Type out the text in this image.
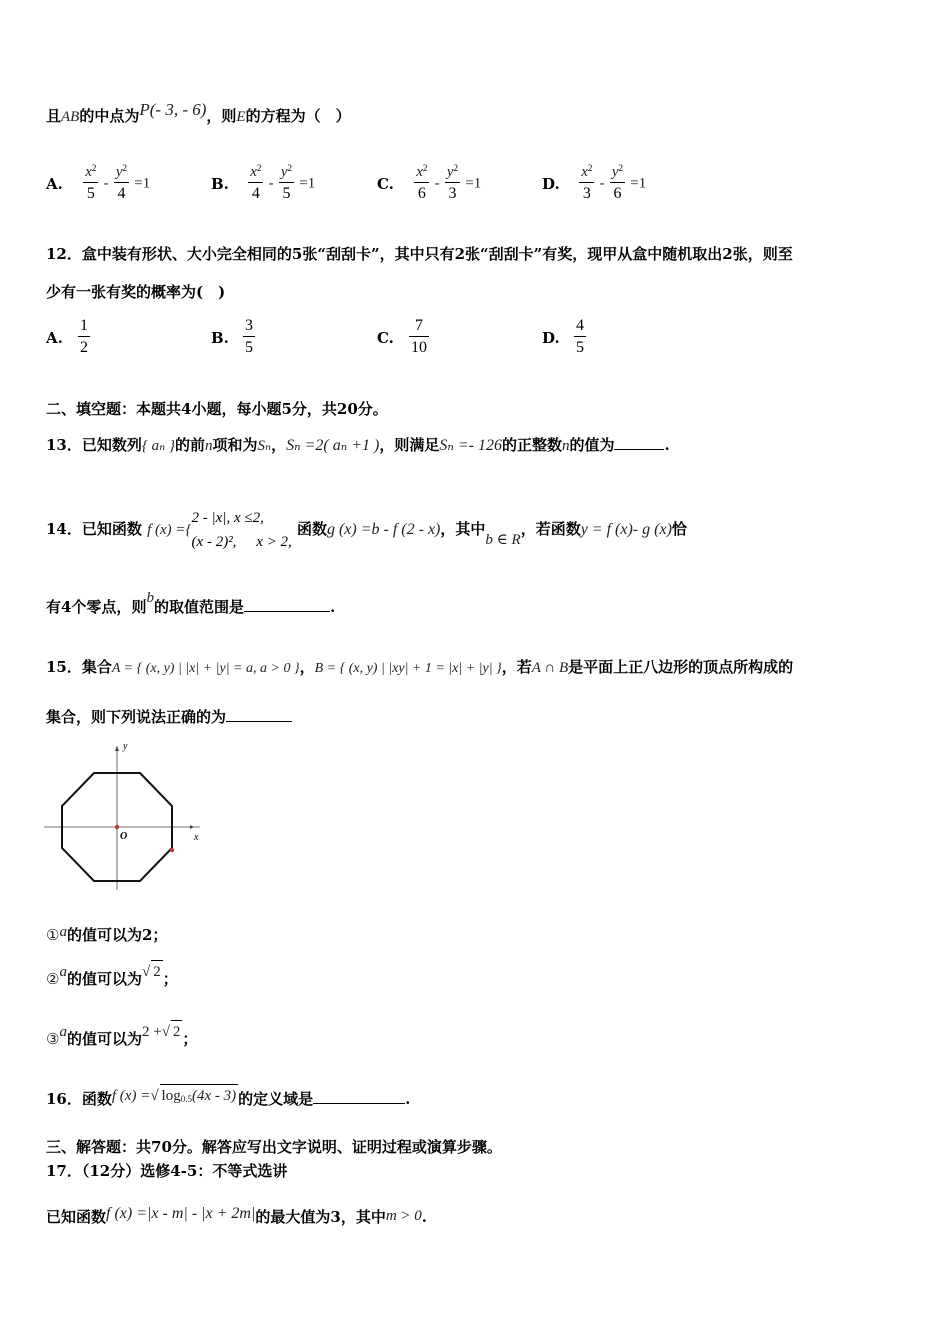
且AB的中点为P(- 3, - 6)，则E的方程为（　）
A. $\frac{x^2}{5} - \frac{y^2}{4} =1$	B. $\frac{x^2}{4} - \frac{y^2}{5} =1$	C. $\frac{x^2}{6} - \frac{y^2}{3} =1$	D. $\frac{x^2}{3} - \frac{y^2}{6} =1$
12．盒中装有形状、大小完全相同的5张“刮刮卡”，其中只有2张“刮刮卡”有奖，现甲从盒中随机取出2张，则至
少有一张有奖的概率为(　)
A. $\frac{1}{2}$	B. $\frac{3}{5}$	C. $\frac{7}{10}$	D. $\frac{4}{5}$
二、填空题：本题共4小题，每小题5分，共20分。
13．已知数列{ aₙ }的前n项和为Sₙ，Sₙ =2( aₙ +1 )，则满足Sₙ =- 126的正整数n的值为	.
14．已知函数 f (x) ={
2 - |x|, x ≤2,
(x - 2)², x > 2,
函数g (x) =b - f (2 - x)，其中b ∈ R，若函数y = f (x)- g (x)恰
有4个零点，则b的取值范围是	.
15．集合A = { (x, y) | |x| + |y| = a, a > 0 }，B = { (x, y) | |xy| + 1 = |x| + |y| }，若A ∩ B是平面上正八边形的顶点所构成的
集合，则下列说法正确的为
y
x
O
①a的值可以为2；
②a的值可以为√ 2 ；
③a的值可以为2 +√ 2 ；
16．函数f (x) =√ $\log_{0.5}(4x - 3)$ 的定义域是	.
三、解答题：共70分。解答应写出文字说明、证明过程或演算步骤。
17．（12分）选修4-5：不等式选讲
已知函数f (x) =|x - m| - |x + 2m|的最大值为3，其中m > 0.
